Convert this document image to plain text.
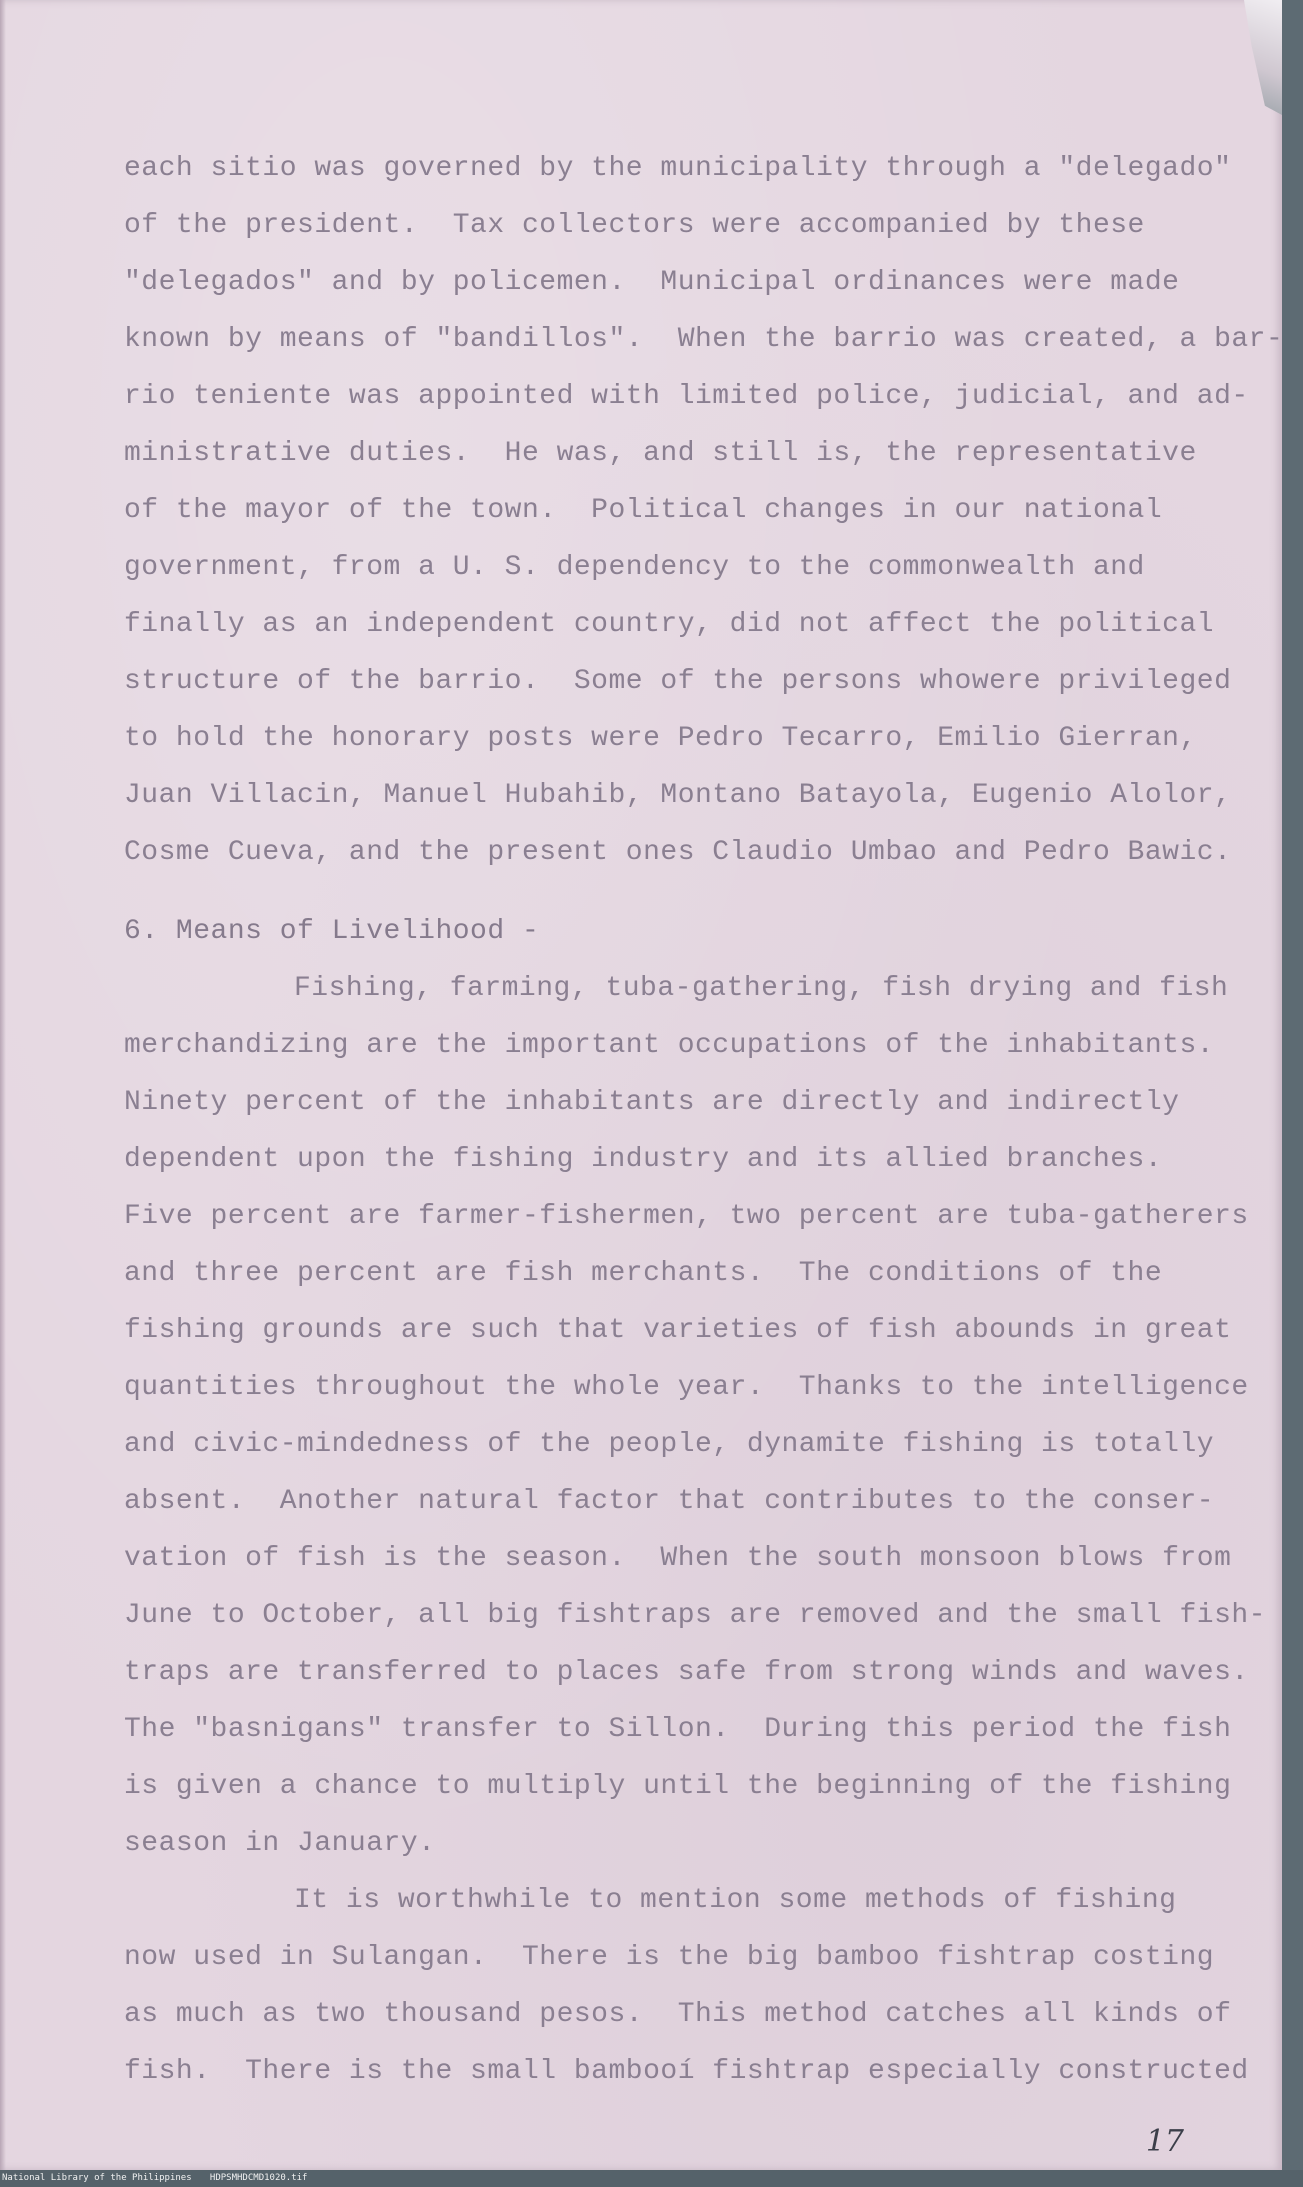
each sitio was governed by the municipality through a "delegado"
of the president.  Tax collectors were accompanied by these
"delegados" and by policemen.  Municipal ordinances were made
known by means of "bandillos".  When the barrio was created, a bar-
rio teniente was appointed with limited police, judicial, and ad-
ministrative duties.  He was, and still is, the representative
of the mayor of the town.  Political changes in our national
government, from a U. S. dependency to the commonwealth and
finally as an independent country, did not affect the political
structure of the barrio.  Some of the persons whowere privileged
to hold the honorary posts were Pedro Tecarro, Emilio Gierran,
Juan Villacin, Manuel Hubahib, Montano Batayola, Eugenio Alolor,
Cosme Cueva, and the present ones Claudio Umbao and Pedro Bawic.
6. Means of Livelihood -
Fishing, farming, tuba-gathering, fish drying and fish
merchandizing are the important occupations of the inhabitants.
Ninety percent of the inhabitants are directly and indirectly
dependent upon the fishing industry and its allied branches.
Five percent are farmer-fishermen, two percent are tuba-gatherers
and three percent are fish merchants.  The conditions of the
fishing grounds are such that varieties of fish abounds in great
quantities throughout the whole year.  Thanks to the intelligence
and civic-mindedness of the people, dynamite fishing is totally
absent.  Another natural factor that contributes to the conser-
vation of fish is the season.  When the south monsoon blows from
June to October, all big fishtraps are removed and the small fish-
traps are transferred to places safe from strong winds and waves.
The "basnigans" transfer to Sillon.  During this period the fish
is given a chance to multiply until the beginning of the fishing
season in January.
It is worthwhile to mention some methods of fishing
now used in Sulangan.  There is the big bamboo fishtrap costing
as much as two thousand pesos.  This method catches all kinds of
fish.  There is the small bambooí fishtrap especially constructed
17
National Library of the Philippines HDPSMHDCMD1020.tif
